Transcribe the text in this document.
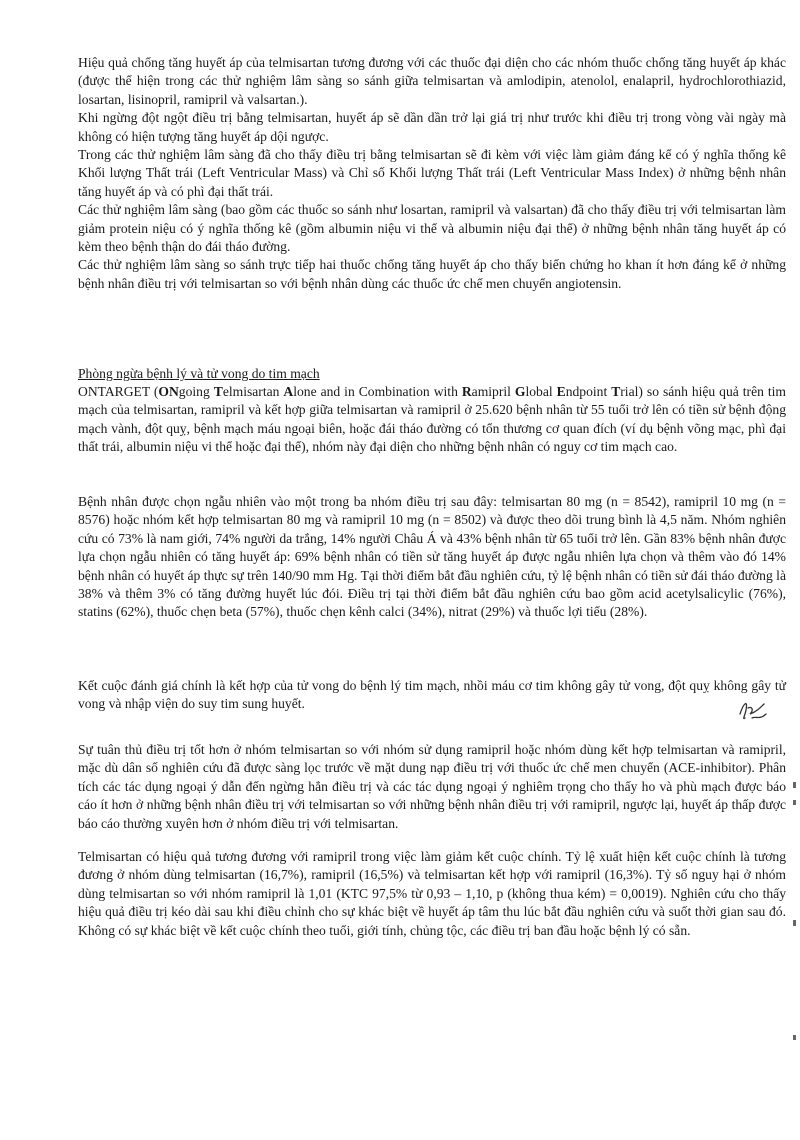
Hiệu quả chống tăng huyết áp của telmisartan tương đương với các thuốc đại diện cho các nhóm thuốc chống tăng huyết áp khác (được thể hiện trong các thử nghiệm lâm sàng so sánh giữa telmisartan và amlodipin, atenolol, enalapril, hydrochlorothiazid, losartan, lisinopril, ramipril và valsartan.).

Khi ngừng đột ngột điều trị bằng telmisartan, huyết áp sẽ dần dần trở lại giá trị như trước khi điều trị trong vòng vài ngày mà không có hiện tượng tăng huyết áp dội ngược.

Trong các thử nghiệm lâm sàng đã cho thấy điều trị bằng telmisartan sẽ đi kèm với việc làm giảm đáng kể có ý nghĩa thống kê Khối lượng Thất trái (Left Ventricular Mass) và Chỉ số Khối lượng Thất trái (Left Ventricular Mass Index) ở những bệnh nhân tăng huyết áp và có phì đại thất trái.

Các thử nghiệm lâm sàng (bao gồm các thuốc so sánh như losartan, ramipril và valsartan) đã cho thấy điều trị với telmisartan làm giảm protein niệu có ý nghĩa thống kê (gồm albumin niệu vi thể và albumin niệu đại thể) ở những bệnh nhân tăng huyết áp có kèm theo bệnh thận do đái tháo đường.

Các thử nghiệm lâm sàng so sánh trực tiếp hai thuốc chống tăng huyết áp cho thấy biến chứng ho khan ít hơn đáng kể ở những bệnh nhân điều trị với telmisartan so với bệnh nhân dùng các thuốc ức chế men chuyển angiotensin.

Phòng ngừa bệnh lý và tử vong do tim mạch

ONTARGET (ONgoing Telmisartan Alone and in Combination with Ramipril Global Endpoint Trial) so sánh hiệu quả trên tim mạch của telmisartan, ramipril và kết hợp giữa telmisartan và ramipril ở 25.620 bệnh nhân từ 55 tuổi trở lên có tiền sử bệnh động mạch vành, đột quỵ, bệnh mạch máu ngoại biên, hoặc đái tháo đường có tổn thương cơ quan đích (ví dụ bệnh võng mạc, phì đại thất trái, albumin niệu vi thể hoặc đại thể), nhóm này đại diện cho những bệnh nhân có nguy cơ tim mạch cao.

Bệnh nhân được chọn ngẫu nhiên vào một trong ba nhóm điều trị sau đây: telmisartan 80 mg (n = 8542), ramipril 10 mg (n = 8576) hoặc nhóm kết hợp telmisartan 80 mg và ramipril 10 mg (n = 8502) và được theo dõi trung bình là 4,5 năm. Nhóm nghiên cứu có 73% là nam giới, 74% người da trắng, 14% người Châu Á và 43% bệnh nhân từ 65 tuổi trở lên. Gần 83% bệnh nhân được lựa chọn ngẫu nhiên có tăng huyết áp: 69% bệnh nhân có tiền sử tăng huyết áp được ngẫu nhiên lựa chọn và thêm vào đó 14% bệnh nhân có huyết áp thực sự trên 140/90 mm Hg. Tại thời điểm bắt đầu nghiên cứu, tỷ lệ bệnh nhân có tiền sử đái tháo đường là 38% và thêm 3% có tăng đường huyết lúc đói. Điều trị tại thời điểm bắt đầu nghiên cứu bao gồm acid acetylsalicylic (76%), statins (62%), thuốc chẹn beta (57%), thuốc chẹn kênh calci (34%), nitrat (29%) và thuốc lợi tiểu (28%).
Kết cuộc đánh giá chính là kết hợp của tử vong do bệnh lý tim mạch, nhồi máu cơ tim không gây tử vong, đột quỵ không gây tử vong và nhập viện do suy tim sung huyết.
Sự tuân thủ điều trị tốt hơn ở nhóm telmisartan so với nhóm sử dụng ramipril hoặc nhóm dùng kết hợp telmisartan và ramipril, mặc dù dân số nghiên cứu đã được sàng lọc trước về mặt dung nạp điều trị với thuốc ức chế men chuyển (ACE-inhibitor). Phân tích các tác dụng ngoại ý dẫn đến ngừng hẳn điều trị và các tác dụng ngoại ý nghiêm trọng cho thấy ho và phù mạch được báo cáo ít hơn ở những bệnh nhân điều trị với telmisartan so với những bệnh nhân điều trị với ramipril, ngược lại, huyết áp thấp được báo cáo thường xuyên hơn ở nhóm điều trị với telmisartan.
Telmisartan có hiệu quả tương đương với ramipril trong việc làm giảm kết cuộc chính. Tỷ lệ xuất hiện kết cuộc chính là tương đương ở nhóm dùng telmisartan (16,7%), ramipril (16,5%) và telmisartan kết hợp với ramipril (16,3%). Tỷ số nguy hại ở nhóm dùng telmisartan so với nhóm ramipril là 1,01 (KTC 97,5% từ 0,93 – 1,10, p (không thua kém) = 0,0019). Nghiên cứu cho thấy hiệu quả điều trị kéo dài sau khi điều chỉnh cho sự khác biệt về huyết áp tâm thu lúc bắt đầu nghiên cứu và suốt thời gian sau đó. Không có sự khác biệt về kết cuộc chính theo tuổi, giới tính, chủng tộc, các điều trị ban đầu hoặc bệnh lý có sẵn.
